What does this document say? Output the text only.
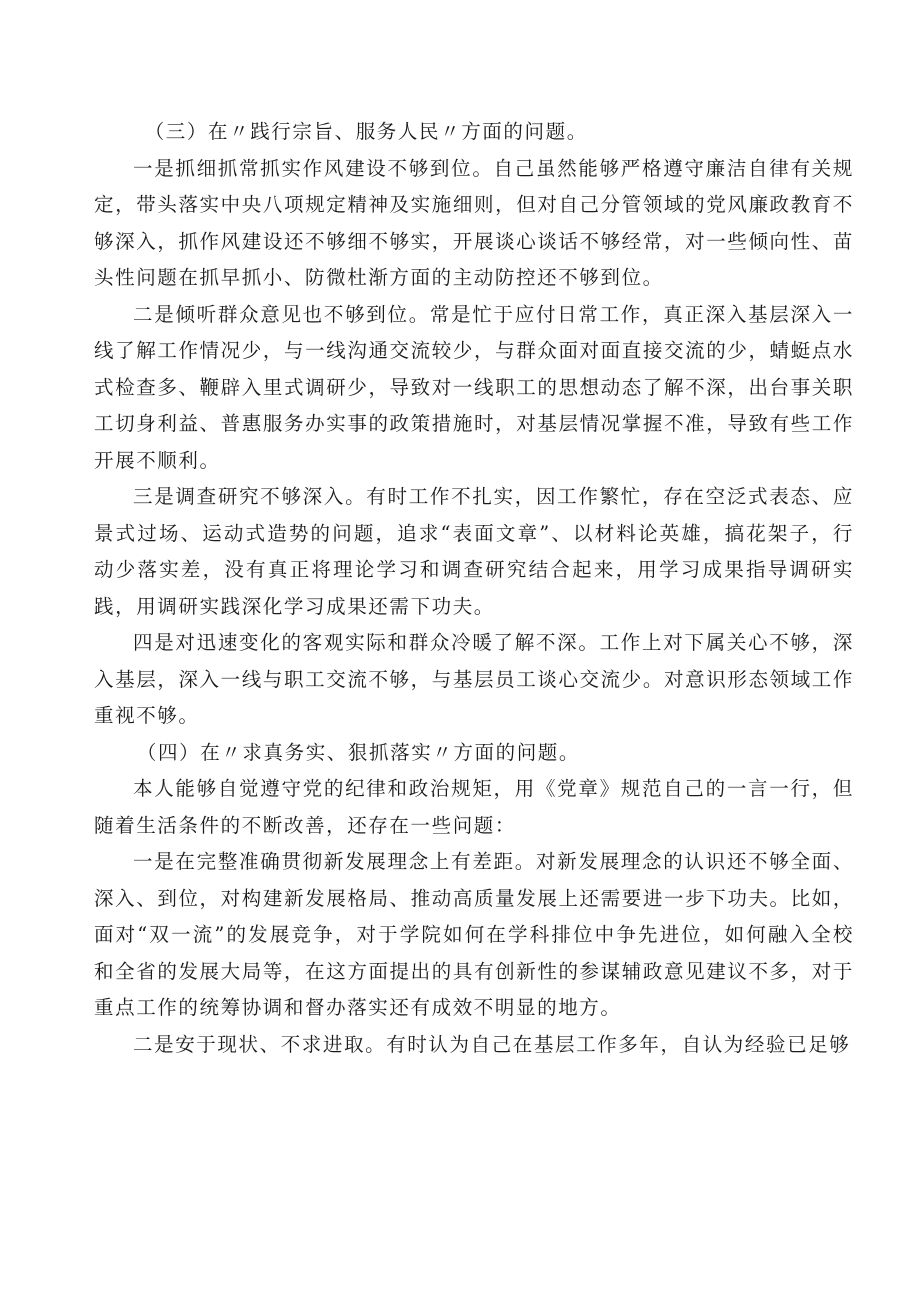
（三）在〃践行宗旨、服务人民〃方面的问题。

一是抓细抓常抓实作风建设不够到位。自己虽然能够严格遵守廉洁自律有关规定，带头落实中央八项规定精神及实施细则，但对自己分管领域的党风廉政教育不够深入，抓作风建设还不够细不够实，开展谈心谈话不够经常，对一些倾向性、苗头性问题在抓早抓小、防微杜渐方面的主动防控还不够到位。

二是倾听群众意见也不够到位。常是忙于应付日常工作，真正深入基层深入一线了解工作情况少，与一线沟通交流较少，与群众面对面直接交流的少，蜻蜓点水式检查多、鞭辟入里式调研少，导致对一线职工的思想动态了解不深，出台事关职工切身利益、普惠服务办实事的政策措施时，对基层情况掌握不准，导致有些工作开展不顺利。

三是调查研究不够深入。有时工作不扎实，因工作繁忙，存在空泛式表态、应景式过场、运动式造势的问题，追求“表面文章”、以材料论英雄，搞花架子，行动少落实差，没有真正将理论学习和调查研究结合起来，用学习成果指导调研实践，用调研实践深化学习成果还需下功夫。

四是对迅速变化的客观实际和群众冷暖了解不深。工作上对下属关心不够，深入基层，深入一线与职工交流不够，与基层员工谈心交流少。对意识形态领域工作重视不够。

（四）在〃求真务实、狠抓落实〃方面的问题。

本人能够自觉遵守党的纪律和政治规矩，用《党章》规范自己的一言一行，但随着生活条件的不断改善，还存在一些问题：

一是在完整准确贯彻新发展理念上有差距。对新发展理念的认识还不够全面、深入、到位，对构建新发展格局、推动高质量发展上还需要进一步下功夫。比如，面对“双一流”的发展竞争，对于学院如何在学科排位中争先进位，如何融入全校和全省的发展大局等，在这方面提出的具有创新性的参谋辅政意见建议不多，对于重点工作的统筹协调和督办落实还有成效不明显的地方。

二是安于现状、不求进取。有时认为自己在基层工作多年，自认为经验已足够
